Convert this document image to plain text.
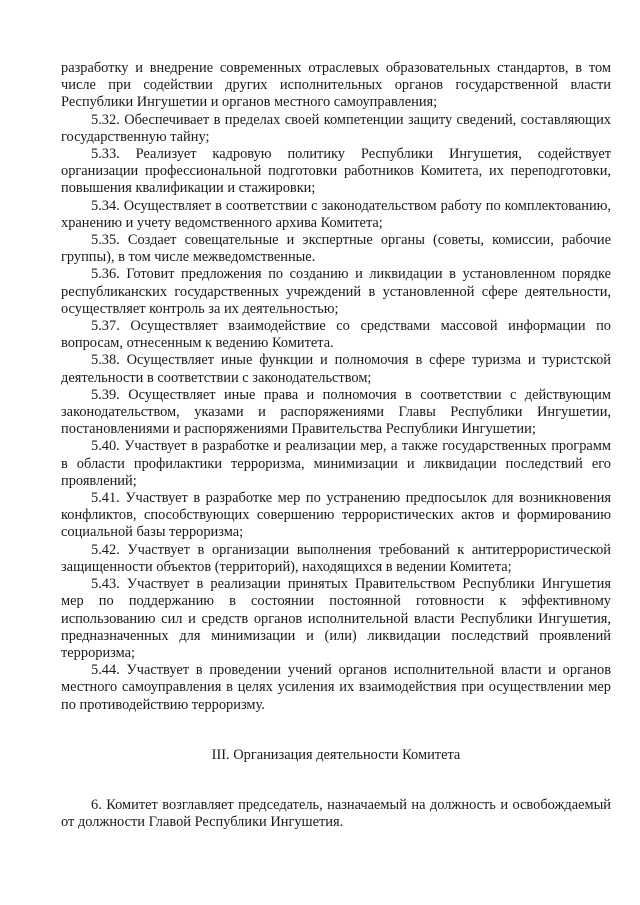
разработку и внедрение современных отраслевых образовательных стандартов, в том числе при содействии других исполнительных органов государственной власти Республики Ингушетии и органов местного самоуправления;

5.32. Обеспечивает в пределах своей компетенции защиту сведений, составляющих государственную тайну;

5.33. Реализует кадровую политику Республики Ингушетия, содействует организации профессиональной подготовки работников Комитета, их переподготовки, повышения квалификации и стажировки;

5.34. Осуществляет в соответствии с законодательством работу по комплектованию, хранению и учету ведомственного архива Комитета;

5.35. Создает совещательные и экспертные органы (советы, комиссии, рабочие группы), в том числе межведомственные.

5.36. Готовит предложения по созданию и ликвидации в установленном порядке республиканских государственных учреждений в установленной сфере деятельности, осуществляет контроль за их деятельностью;

5.37. Осуществляет взаимодействие со средствами массовой информации по вопросам, отнесенным к ведению Комитета.

5.38. Осуществляет иные функции и полномочия в сфере туризма и туристской деятельности в соответствии с законодательством;

5.39. Осуществляет иные права и полномочия в соответствии с действующим законодательством, указами и распоряжениями Главы Республики Ингушетии, постановлениями и распоряжениями Правительства Республики Ингушетии;

5.40. Участвует в разработке и реализации мер, а также государственных программ в области профилактики терроризма, минимизации и ликвидации последствий его проявлений;

5.41. Участвует в разработке мер по устранению предпосылок для возникновения конфликтов, способствующих совершению террористических актов и формированию социальной базы терроризма;

5.42. Участвует в организации выполнения требований к антитеррористической защищенности объектов (территорий), находящихся в ведении Комитета;

5.43. Участвует в реализации принятых Правительством Республики Ингушетия мер по поддержанию в состоянии постоянной готовности к эффективному использованию сил и средств органов исполнительной власти Республики Ингушетия, предназначенных для минимизации и (или) ликвидации последствий проявлений терроризма;

5.44. Участвует в проведении учений органов исполнительной власти и органов местного самоуправления в целях усиления их взаимодействия при осуществлении мер по противодействию терроризму.

III. Организация деятельности Комитета

6. Комитет возглавляет председатель, назначаемый на должность и освобождаемый от должности Главой Республики Ингушетия.
